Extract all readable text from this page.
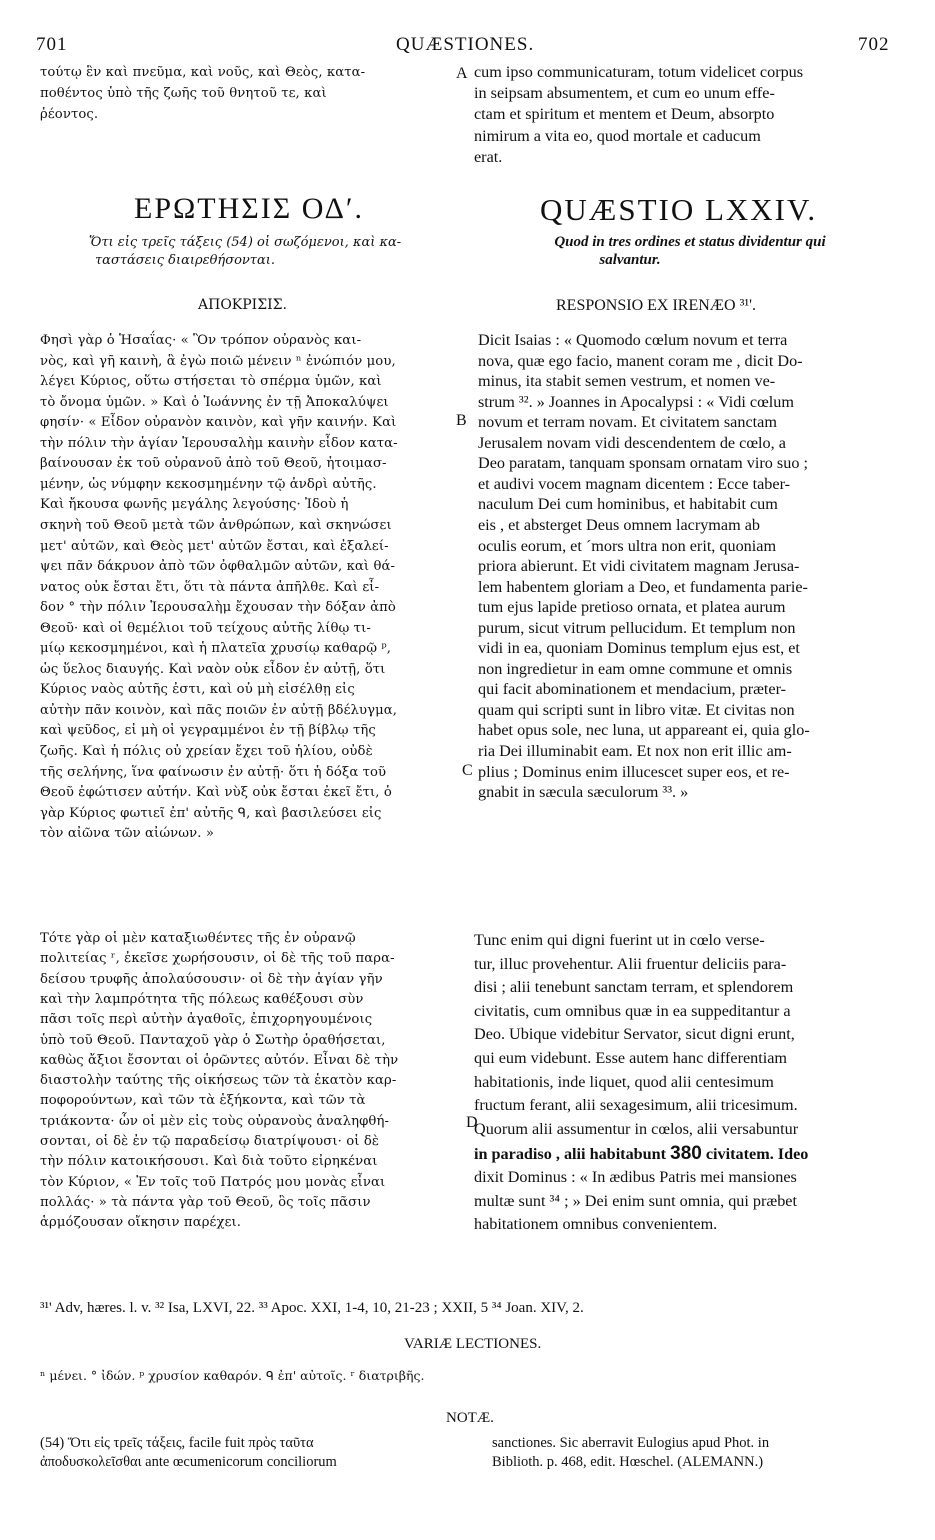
701	QUÆSTIONES.	702
A
B
C
D
τούτῳ ἓν καὶ πνεῦμα, καὶ νοῦς, καὶ Θεὸς, κατα-
ποθέντος ὑπὸ τῆς ζωῆς τοῦ θνητοῦ τε, καὶ
ῥέοντος.
ΕΡΩΤΗΣΙΣ ΟΔʹ.
Ὅτι εἰς τρεῖς τάξεις (54) οἱ σωζόμενοι, καὶ κα-
ταστάσεις διαιρεθήσονται.
ΑΠΟΚΡΙΣΙΣ.
Φησὶ γὰρ ὁ Ἡσαΐας· « Ὃν τρόπον οὐρανὸς και-
νὸς, καὶ γῆ καινὴ, ἃ ἐγὼ ποιῶ μένειν ⁿ ἐνώπιόν μου,
λέγει Κύριος, οὕτω στήσεται τὸ σπέρμα ὑμῶν, καὶ
τὸ ὄνομα ὑμῶν. » Καὶ ὁ Ἰωάννης ἐν τῇ Ἀποκαλύψει
φησίν· « Εἶδον οὐρανὸν καινὸν, καὶ γῆν καινήν. Καὶ
τὴν πόλιν τὴν ἁγίαν Ἱερουσαλὴμ καινὴν εἶδον κατα-
βαίνουσαν ἐκ τοῦ οὐρανοῦ ἀπὸ τοῦ Θεοῦ, ἡτοιμασ-
μένην, ὡς νύμφην κεκοσμημένην τῷ ἀνδρὶ αὐτῆς.
Καὶ ἤκουσα φωνῆς μεγάλης λεγούσης· Ἰδοὺ ἡ
σκηνὴ τοῦ Θεοῦ μετὰ τῶν ἀνθρώπων, καὶ σκηνώσει
μετ' αὐτῶν, καὶ Θεὸς μετ' αὐτῶν ἔσται, καὶ ἐξαλεί-
ψει πᾶν δάκρυον ἀπὸ τῶν ὀφθαλμῶν αὐτῶν, καὶ θά-
νατος οὐκ ἔσται ἔτι, ὅτι τὰ πάντα ἀπῆλθε. Καὶ εἶ-
δον ° τὴν πόλιν Ἱερουσαλὴμ ἔχουσαν τὴν δόξαν ἀπὸ
Θεοῦ· καὶ οἱ θεμέλιοι τοῦ τείχους αὐτῆς λίθῳ τι-
μίῳ κεκοσμημένοι, καὶ ἡ πλατεῖα χρυσίῳ καθαρῷ ᵖ,
ὡς ὕελος διαυγής. Καὶ ναὸν οὐκ εἶδον ἐν αὐτῇ, ὅτι
Κύριος ναὸς αὐτῆς ἐστι, καὶ οὐ μὴ εἰσέλθῃ εἰς
αὐτὴν πᾶν κοινὸν, καὶ πᾶς ποιῶν ἐν αὐτῇ βδέλυγμα,
καὶ ψεῦδος, εἰ μὴ οἱ γεγραμμένοι ἐν τῇ βίβλῳ τῆς
ζωῆς. Καὶ ἡ πόλις οὐ χρείαν ἔχει τοῦ ἡλίου, οὐδὲ
τῆς σελήνης, ἵνα φαίνωσιν ἐν αὐτῇ· ὅτι ἡ δόξα τοῦ
Θεοῦ ἐφώτισεν αὐτήν. Καὶ νὺξ οὐκ ἔσται ἐκεῖ ἔτι, ὁ
γὰρ Κύριος φωτιεῖ ἐπ' αὐτῆς ᑫ, καὶ βασιλεύσει εἰς
τὸν αἰῶνα τῶν αἰώνων. »
Τότε γὰρ οἱ μὲν καταξιωθέντες τῆς ἐν οὐρανῷ
πολιτείας ʳ, ἐκεῖσε χωρήσουσιν, οἱ δὲ τῆς τοῦ παρα-
δείσου τρυφῆς ἀπολαύσουσιν· οἱ δὲ τὴν ἁγίαν γῆν
καὶ τὴν λαμπρότητα τῆς πόλεως καθέξουσι σὺν
πᾶσι τοῖς περὶ αὐτὴν ἀγαθοῖς, ἐπιχορηγουμένοις
ὑπὸ τοῦ Θεοῦ. Πανταχοῦ γὰρ ὁ Σωτὴρ ὁραθήσεται,
καθὼς ἄξιοι ἔσονται οἱ ὁρῶντες αὐτόν. Εἶναι δὲ τὴν
διαστολὴν ταύτης τῆς οἰκήσεως τῶν τὰ ἑκατὸν καρ-
ποφορούντων, καὶ τῶν τὰ ἑξήκοντα, καὶ τῶν τὰ
τριάκοντα· ὧν οἱ μὲν εἰς τοὺς οὐρανοὺς ἀναληφθή-
σονται, οἱ δὲ ἐν τῷ παραδείσῳ διατρίψουσι· οἱ δὲ
τὴν πόλιν κατοικήσουσι. Καὶ διὰ τοῦτο εἰρηκέναι
τὸν Κύριον, « Ἐν τοῖς τοῦ Πατρός μου μονὰς εἶναι
πολλάς· » τὰ πάντα γὰρ τοῦ Θεοῦ, ὃς τοῖς πᾶσιν
ἁρμόζουσαν οἴκησιν παρέχει.
cum ipso communicaturam, totum videlicet corpus
in seipsam absumentem, et cum eo unum effe-
ctam et spiritum et mentem et Deum, absorpto
nimirum a vita eo, quod mortale et caducum
erat.
QUÆSTIO LXXIV.
Quod in tres ordines et status dividentur qui
salvantur.
RESPONSIO EX IRENÆO ³¹'.
Dicit Isaias : « Quomodo cœlum novum et terra
nova, quæ ego facio, manent coram me , dicit Do-
minus, ita stabit semen vestrum, et nomen ve-
strum ³². » Joannes in Apocalypsi : « Vidi cœlum
novum et terram novam. Et civitatem sanctam
Jerusalem novam vidi descendentem de cœlo, a
Deo paratam, tanquam sponsam ornatam viro suo ;
et audivi vocem magnam dicentem : Ecce taber-
naculum Dei cum hominibus, et habitabit cum
eis , et absterget Deus omnem lacrymam ab
oculis eorum, et ˊmors ultra non erit, quoniam
priora abierunt. Et vidi civitatem magnam Jerusa-
lem habentem gloriam a Deo, et fundamenta parie-
tum ejus lapide pretioso ornata, et platea aurum
purum, sicut vitrum pellucidum. Et templum non
vidi in ea, quoniam Dominus templum ejus est, et
non ingredietur in eam omne commune et omnis
qui facit abominationem et mendacium, præter-
quam qui scripti sunt in libro vitæ. Et civitas non
habet opus sole, nec luna, ut appareant ei, quia glo-
ria Dei illuminabit eam. Et nox non erit illic am-
plius ; Dominus enim illucescet super eos, et re-
gnabit in sæcula sæculorum ³³. »
Tunc enim qui digni fuerint ut in cœlo verse-
tur, illuc provehentur. Alii fruentur deliciis para-
disi ; alii tenebunt sanctam terram, et splendorem
civitatis, cum omnibus quæ in ea suppeditantur a
Deo. Ubique videbitur Servator, sicut digni erunt,
qui eum videbunt. Esse autem hanc differentiam
habitationis, inde liquet, quod alii centesimum
fructum ferant, alii sexagesimum, alii tricesimum.
Quorum alii assumentur in cœlos, alii versabuntur
dixit Dominus : « In ædibus Patris mei mansiones
multæ sunt ³⁴ ; » Dei enim sunt omnia, qui præbet
habitationem omnibus convenientem.
in paradiso , alii habitabunt 380 civitatem. Ideo
³¹' Adv, hæres. l. v. ³² Isa, LXVI, 22. ³³ Apoc. XXI, 1-4, 10, 21-23 ; XXII, 5 ³⁴ Joan. XIV, 2.
VARIÆ LECTIONES.
ⁿ μένει. ° ἰδών. ᵖ χρυσίον καθαρόν. ᑫ ἐπ' αὐτοῖς. ʳ διατριβῆς.
NOTÆ.
(54) Ὅτι εἰς τρεῖς τάξεις, facile fuit πρὸς ταῦτα
ἀποδυσκολεῖσθαι ante œcumenicorum conciliorum
sanctiones. Sic aberravit Eulogius apud Phot. in
Biblioth. p. 468, edit. Hœschel. (ALEMANN.)
